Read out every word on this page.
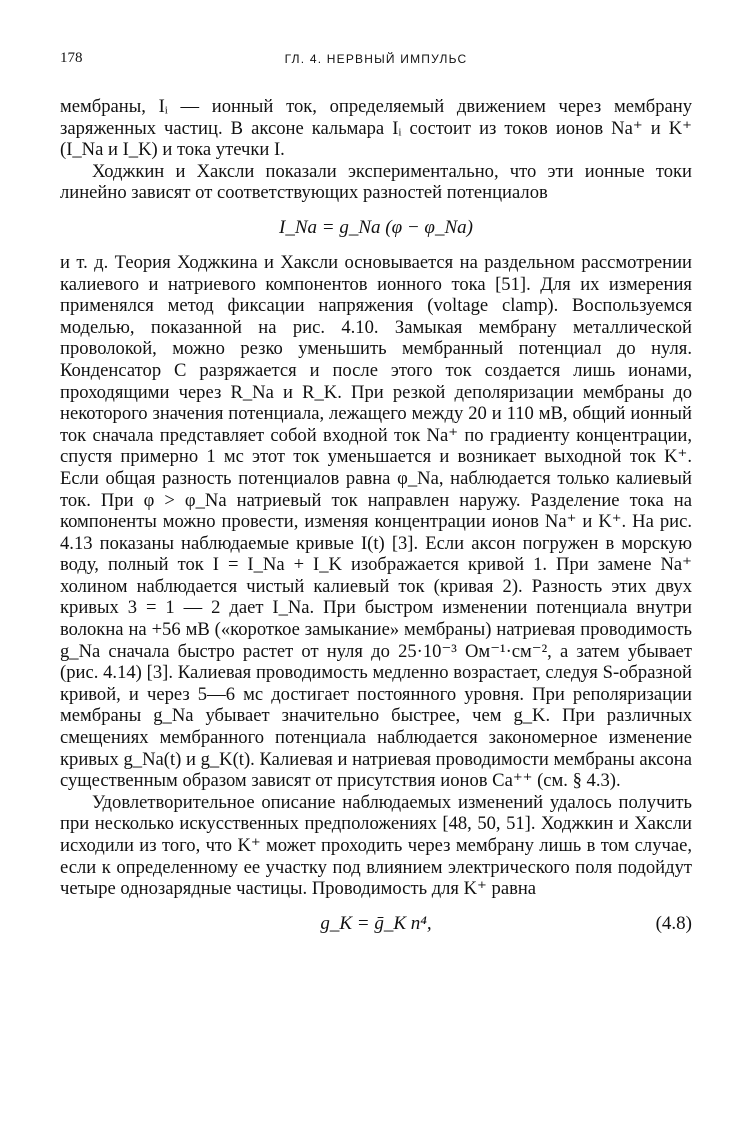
178	ГЛ. 4. НЕРВНЫЙ ИМПУЛЬС

мембраны, Iᵢ — ионный ток, определяемый движением через мембрану заряженных частиц. В аксоне кальмара Iᵢ состоит из токов ионов Na⁺ и K⁺ (I_Na и I_K) и тока утечки I.

Ходжкин и Хаксли показали экспериментально, что эти ионные токи линейно зависят от соответствующих разностей потенциалов

I_Na = g_Na (φ − φ_Na)

и т. д. Теория Ходжкина и Хаксли основывается на раздельном рассмотрении калиевого и натриевого компонентов ионного тока [51]. Для их измерения применялся метод фиксации напряжения (voltage clamp). Воспользуемся моделью, показанной на рис. 4.10. Замыкая мембрану металлической проволокой, можно резко уменьшить мембранный потенциал до нуля. Конденсатор C разряжается и после этого ток создается лишь ионами, проходящими через R_Na и R_K. При резкой деполяризации мембраны до некоторого значения потенциала, лежащего между 20 и 110 мВ, общий ионный ток сначала представляет собой входной ток Na⁺ по градиенту концентрации, спустя примерно 1 мс этот ток уменьшается и возникает выходной ток K⁺. Если общая разность потенциалов равна φ_Na, наблюдается только калиевый ток. При φ > φ_Na натриевый ток направлен наружу. Разделение тока на компоненты можно провести, изменяя концентрации ионов Na⁺ и K⁺. На рис. 4.13 показаны наблюдаемые кривые I(t) [3]. Если аксон погружен в морскую воду, полный ток I = I_Na + I_K изображается кривой 1. При замене Na⁺ холином наблюдается чистый калиевый ток (кривая 2). Разность этих двух кривых 3 = 1 — 2 дает I_Na. При быстром изменении потенциала внутри волокна на +56 мВ («короткое замыкание» мембраны) натриевая проводимость g_Na сначала быстро растет от нуля до 25·10⁻³ Ом⁻¹·см⁻², а затем убывает (рис. 4.14) [3]. Калиевая проводимость медленно возрастает, следуя S-образной кривой, и через 5—6 мс достигает постоянного уровня. При реполяризации мембраны g_Na убывает значительно быстрее, чем g_K. При различных смещениях мембранного потенциала наблюдается закономерное изменение кривых g_Na(t) и g_K(t). Калиевая и натриевая проводимости мембраны аксона существенным образом зависят от присутствия ионов Ca⁺⁺ (см. § 4.3).

Удовлетворительное описание наблюдаемых изменений удалось получить при несколько искусственных предположениях [48, 50, 51]. Ходжкин и Хаксли исходили из того, что K⁺ может проходить через мембрану лишь в том случае, если к определенному ее участку под влиянием электрического поля подойдут четыре однозарядные частицы. Проводимость для K⁺ равна

g_K = ḡ_K n⁴,	(4.8)
